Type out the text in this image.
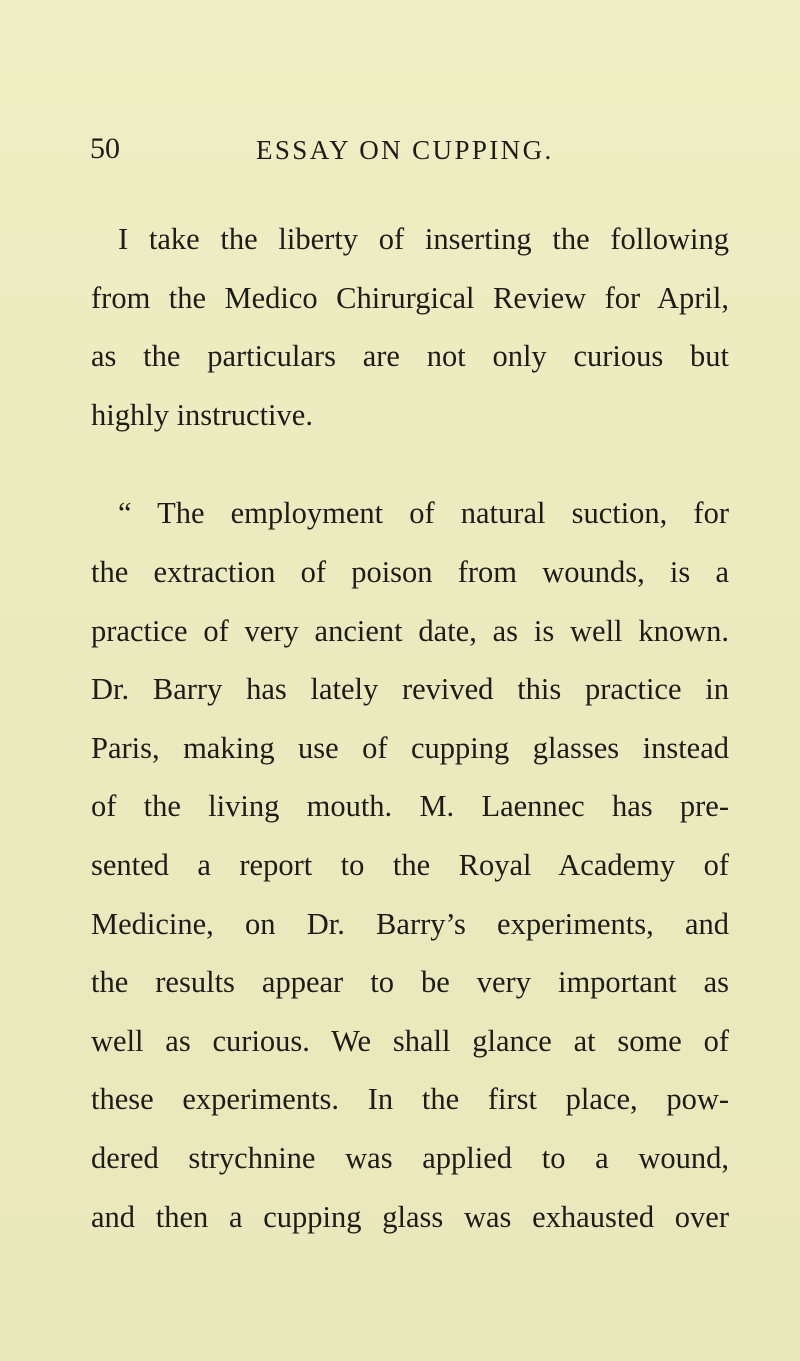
50	ESSAY ON CUPPING.
I take the liberty of inserting the following
from the Medico Chirurgical Review for April,
as the particulars are not only curious but
highly instructive.
“ The employment of natural suction, for
the extraction of poison from wounds, is a
practice of very ancient date, as is well known.
Dr. Barry has lately revived this practice in
Paris, making use of cupping glasses instead
of the living mouth. M. Laennec has pre-
sented a report to the Royal Academy of
Medicine, on Dr. Barry’s experiments, and
the results appear to be very important as
well as curious. We shall glance at some of
these experiments. In the first place, pow-
dered strychnine was applied to a wound,
and then a cupping glass was exhausted over
